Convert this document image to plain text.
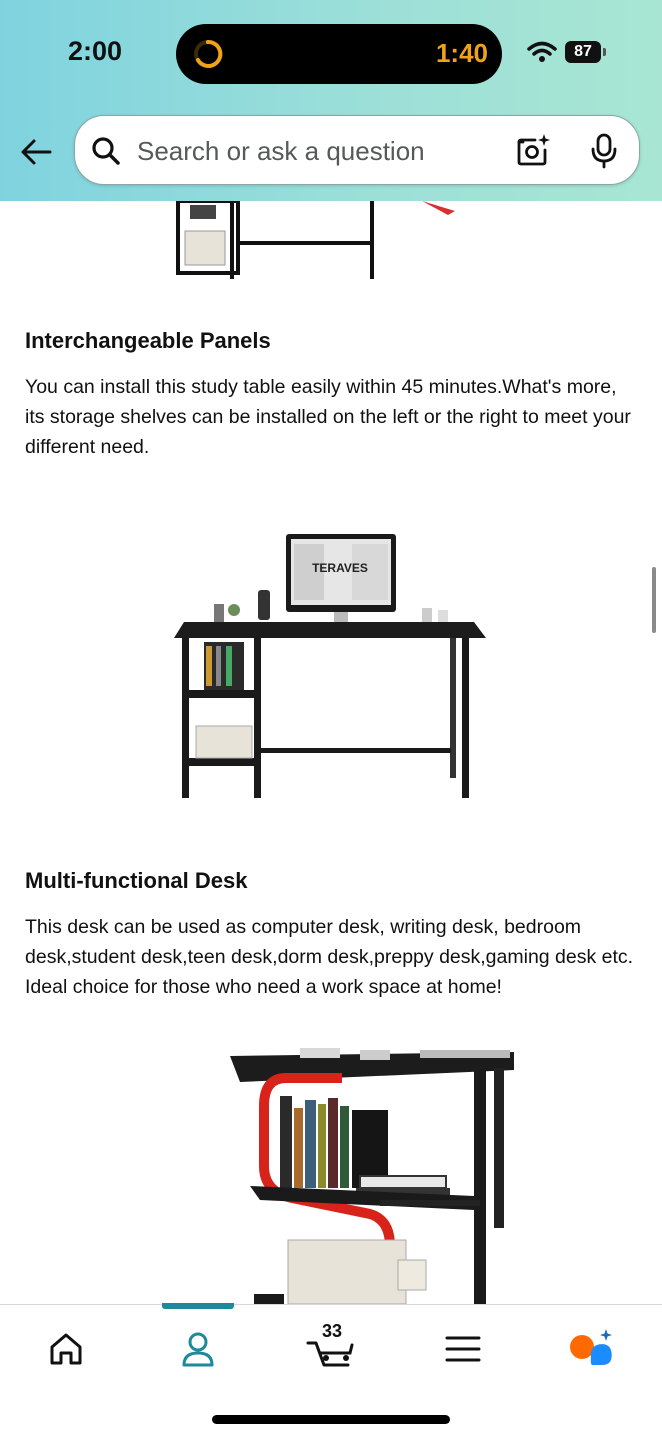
2:00	1:40	87
Search or ask a question
Interchangeable Panels
You can install this study table easily within 45 minutes.What's more, its storage shelves can be installed on the left or the right to meet your different need.
TERAVES
Multi-functional Desk
This desk can be used as computer desk, writing desk, bedroom desk,student desk,teen desk,dorm desk,preppy desk,gaming desk etc. Ideal choice for those who need a work space at home!
33
